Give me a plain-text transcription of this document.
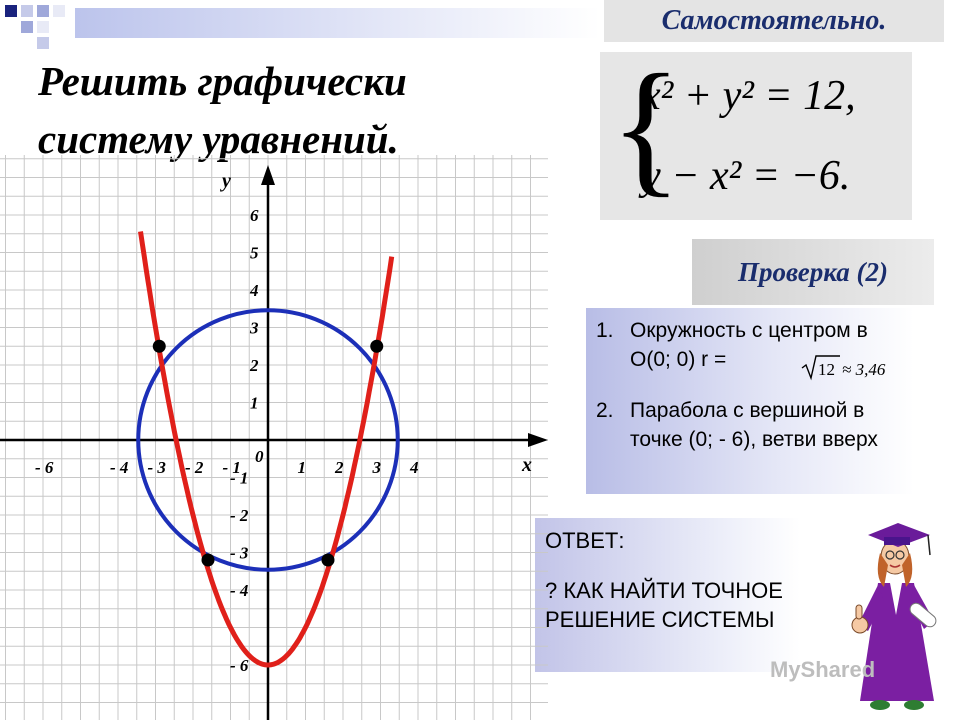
Самостоятельно.
Решить графически
систему уравнений.	{
x² + y² = 12,
y − x² = −6.
Проверка (2)
1. Окружность с центром в О(0; 0) r =	12 ≈ 3,46
2. Парабола с вершиной в точке (0; - 6), ветви вверх
ОТВЕТ:
? КАК НАЙТИ ТОЧНОЕ РЕШЕНИЕ СИСТЕМЫ
- 6	- 4 - 3 - 2 - 1	1 2 3 4
6
5
4
3
2
1
- 1
- 2
- 3
- 4
- 6
0	x
y
MyShared
